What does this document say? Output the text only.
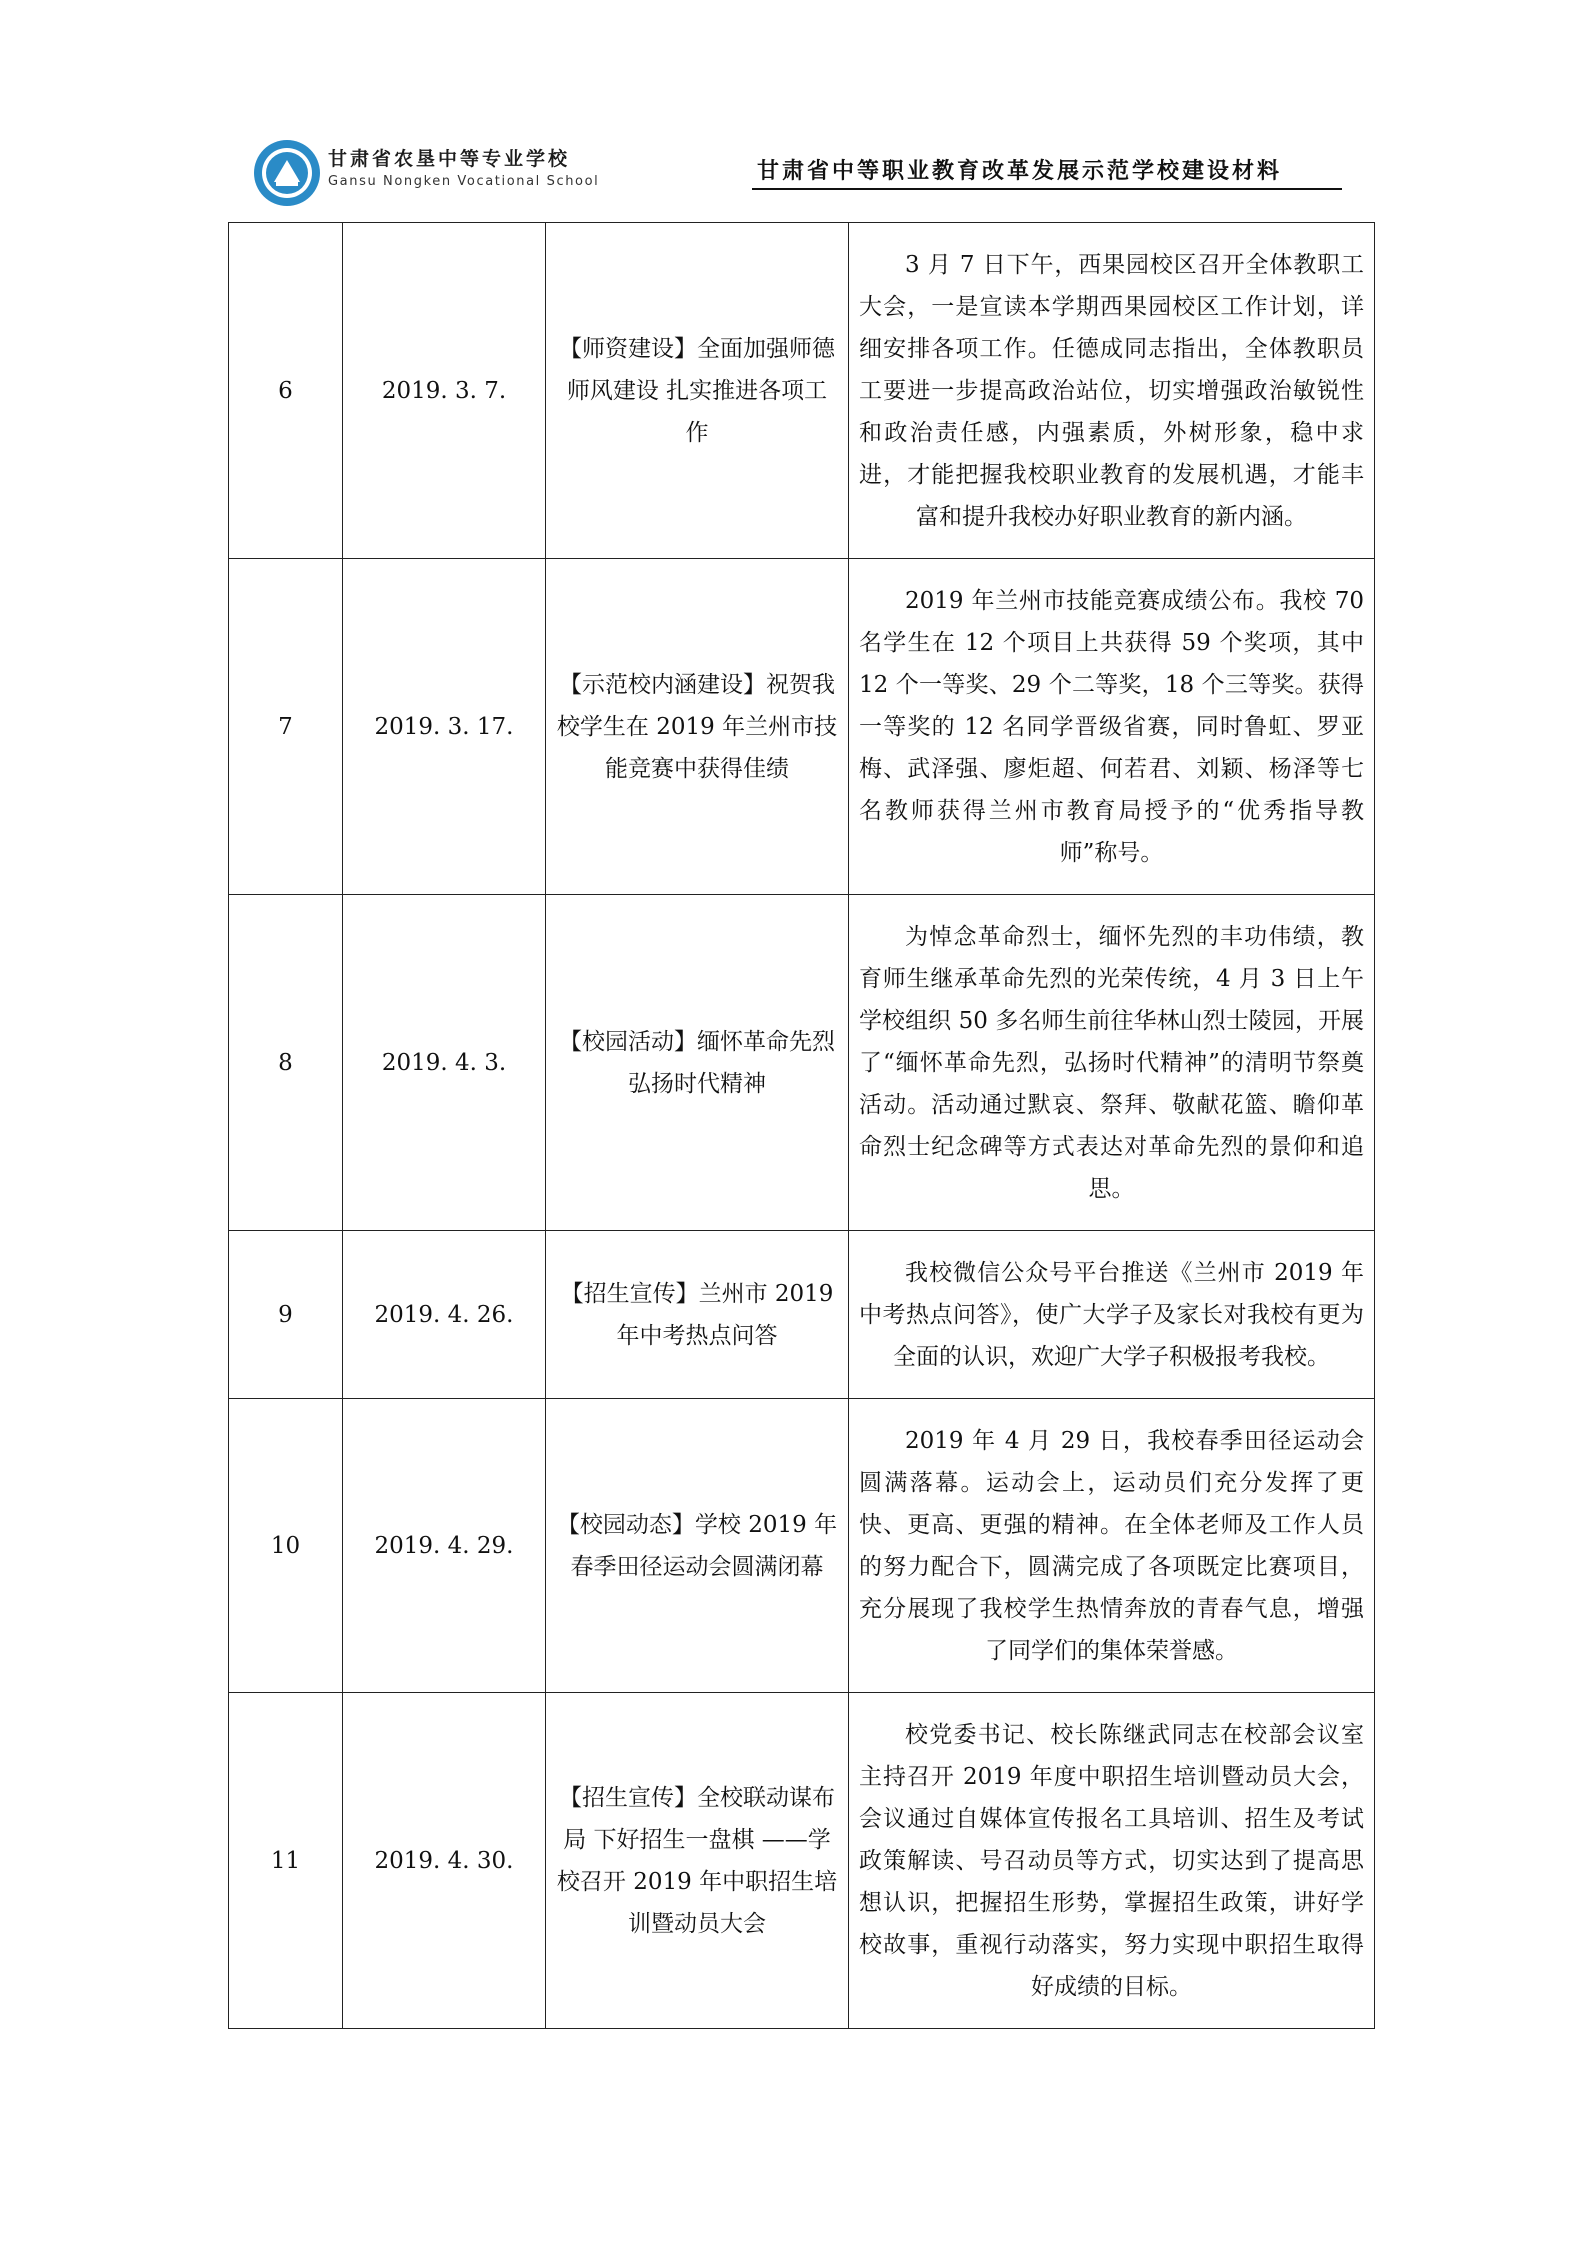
甘肃省农垦中等专业学校
Gansu Nongken Vocational School	甘肃省中等职业教育改革发展示范学校建设材料
6	2019. 3. 7.	【师资建设】全面加强师德师风建设 扎实推进各项工作	3 月 7 日下午，西果园校区召开全体教职工大会，一是宣读本学期西果园校区工作计划，详细安排各项工作。任德成同志指出，全体教职员工要进一步提高政治站位，切实增强政治敏锐性和政治责任感，内强素质，外树形象，稳中求进，才能把握我校职业教育的发展机遇，才能丰富和提升我校办好职业教育的新内涵。

7	2019. 3. 17.	【示范校内涵建设】祝贺我校学生在 2019 年兰州市技能竞赛中获得佳绩	2019 年兰州市技能竞赛成绩公布。我校 70 名学生在 12 个项目上共获得 59 个奖项，其中 12 个一等奖、29 个二等奖，18 个三等奖。获得一等奖的 12 名同学晋级省赛，同时鲁虹、罗亚梅、武泽强、廖炬超、何若君、刘颖、杨泽等七名教师获得兰州市教育局授予的“优秀指导教师”称号。

8	2019. 4. 3.	【校园活动】缅怀革命先烈　　弘扬时代精神	为悼念革命烈士，缅怀先烈的丰功伟绩，教育师生继承革命先烈的光荣传统，4 月 3 日上午学校组织 50 多名师生前往华林山烈士陵园，开展了“缅怀革命先烈，弘扬时代精神”的清明节祭奠活动。活动通过默哀、祭拜、敬献花篮、瞻仰革命烈士纪念碑等方式表达对革命先烈的景仰和追思。

9	2019. 4. 26.	【招生宣传】兰州市 2019 年中考热点问答	我校微信公众号平台推送《兰州市 2019 年中考热点问答》，使广大学子及家长对我校有更为全面的认识，欢迎广大学子积极报考我校。

10	2019. 4. 29.	【校园动态】学校 2019 年春季田径运动会圆满闭幕	2019 年 4 月 29 日，我校春季田径运动会圆满落幕。运动会上，运动员们充分发挥了更快、更高、更强的精神。在全体老师及工作人员的努力配合下，圆满完成了各项既定比赛项目，充分展现了我校学生热情奔放的青春气息，增强了同学们的集体荣誉感。

11	2019. 4. 30.	【招生宣传】全校联动谋布局 下好招生一盘棋 ——学校召开 2019 年中职招生培训暨动员大会	校党委书记、校长陈继武同志在校部会议室主持召开 2019 年度中职招生培训暨动员大会，会议通过自媒体宣传报名工具培训、招生及考试政策解读、号召动员等方式，切实达到了提高思想认识，把握招生形势，掌握招生政策，讲好学校故事，重视行动落实，努力实现中职招生取得好成绩的目标。
